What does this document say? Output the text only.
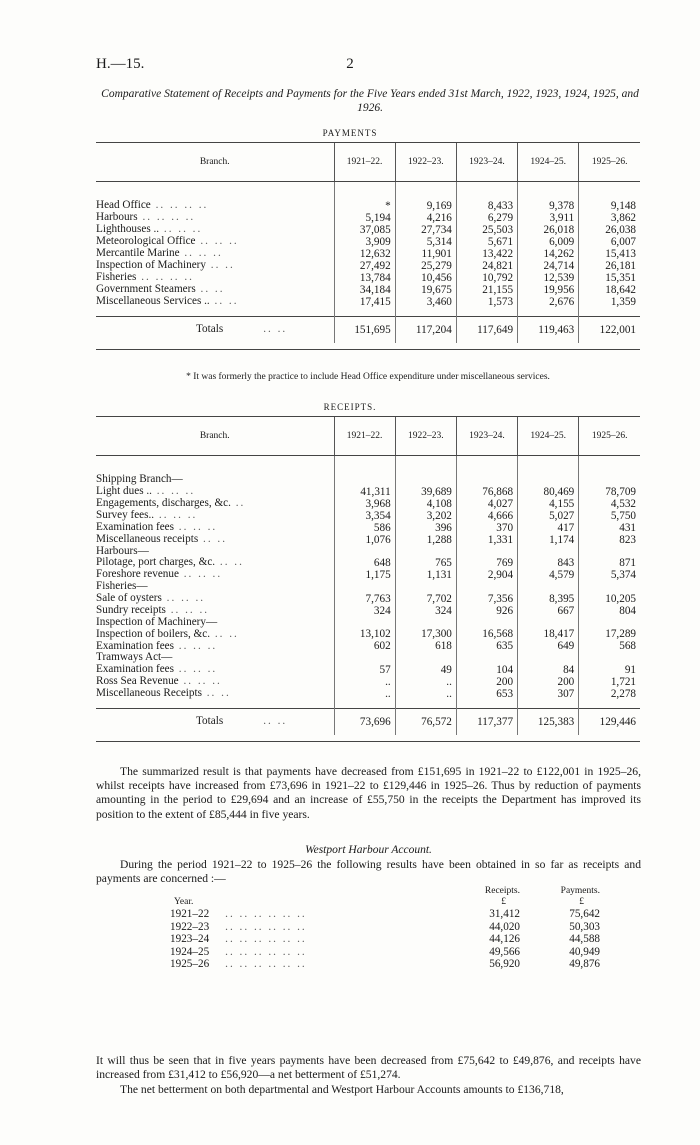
H.—15.	2
Comparative Statement of Receipts and Payments for the Five Years ended 31st March, 1922, 1923, 1924, 1925, and 1926.
PAYMENTS
Branch.	1921–22.	1922–23.	1923–24.	1924–25.	1925–26.

Head Office .. .. .. ..	*	9,169	8,433	9,378	9,148
Harbours .. .. .. ..	5,194	4,216	6,279	3,911	3,862
Lighthouses .. .. .. ..	37,085	27,734	25,503	26,018	26,038
Meteorological Office .. .. ..	3,909	5,314	5,671	6,009	6,007
Mercantile Marine .. .. ..	12,632	11,901	13,422	14,262	15,413
Inspection of Machinery .. ..	27,492	25,279	24,821	24,714	26,181
Fisheries .. .. .. ..	13,784	10,456	10,792	12,539	15,351
Government Steamers .. ..	34,184	19,675	21,155	19,956	18,642
Miscellaneous Services .. .. ..	17,415	3,460	1,573	2,676	1,359

Totals .. ..	151,695	117,204	117,649	119,463	122,001

* It was formerly the practice to include Head Office expenditure under miscellaneous services.
RECEIPTS.
Branch.	1921–22.	1922–23.	1923–24.	1924–25.	1925–26.

Shipping Branch—					
Light dues .. .. .. ..	41,311	39,689	76,868	80,469	78,709
Engagements, discharges, &c. ..	3,968	4,108	4,027	4,155	4,532
Survey fees.. .. .. ..	3,354	3,202	4,666	5,027	5,750
Examination fees .. .. ..	586	396	370	417	431
Miscellaneous receipts .. ..	1,076	1,288	1,331	1,174	823
Harbours—					
Pilotage, port charges, &c. .. ..	648	765	769	843	871
Foreshore revenue .. .. ..	1,175	1,131	2,904	4,579	5,374
Fisheries—					
Sale of oysters .. .. ..	7,763	7,702	7,356	8,395	10,205
Sundry receipts .. .. ..	324	324	926	667	804
Inspection of Machinery—					
Inspection of boilers, &c. .. ..	13,102	17,300	16,568	18,417	17,289
Examination fees .. .. ..	602	618	635	649	568
Tramways Act—					
Examination fees .. .. ..	57	49	104	84	91
Ross Sea Revenue .. .. ..	..	..	200	200	1,721
Miscellaneous Receipts .. ..	..	..	653	307	2,278

Totals .. ..	73,696	76,572	117,377	125,383	129,446

The summarized result is that payments have decreased from £151,695 in 1921–22 to £122,001 in 1925–26, whilst receipts have increased from £73,696 in 1921–22 to £129,446 in 1925–26. Thus by reduction of payments amounting in the period to £29,694 and an increase of £55,750 in the receipts the Department has improved its position to the extent of £85,444 in five years.
Westport Harbour Account.
During the period 1921–22 to 1925–26 the following results have been obtained in so far as receipts and payments are concerned :—
Year.	Receipts.
£	Payments.
£
1921–22 .. .. .. .. .. ..	31,412	75,642
1922–23 .. .. .. .. .. ..	44,020	50,303
1923–24 .. .. .. .. .. ..	44,126	44,588
1924–25 .. .. .. .. .. ..	49,566	40,949
1925–26 .. .. .. .. .. ..	56,920	49,876
It will thus be seen that in five years payments have been decreased from £75,642 to £49,876, and receipts have increased from £31,412 to £56,920—a net betterment of £51,274.
The net betterment on both departmental and Westport Harbour Accounts amounts to £136,718,
